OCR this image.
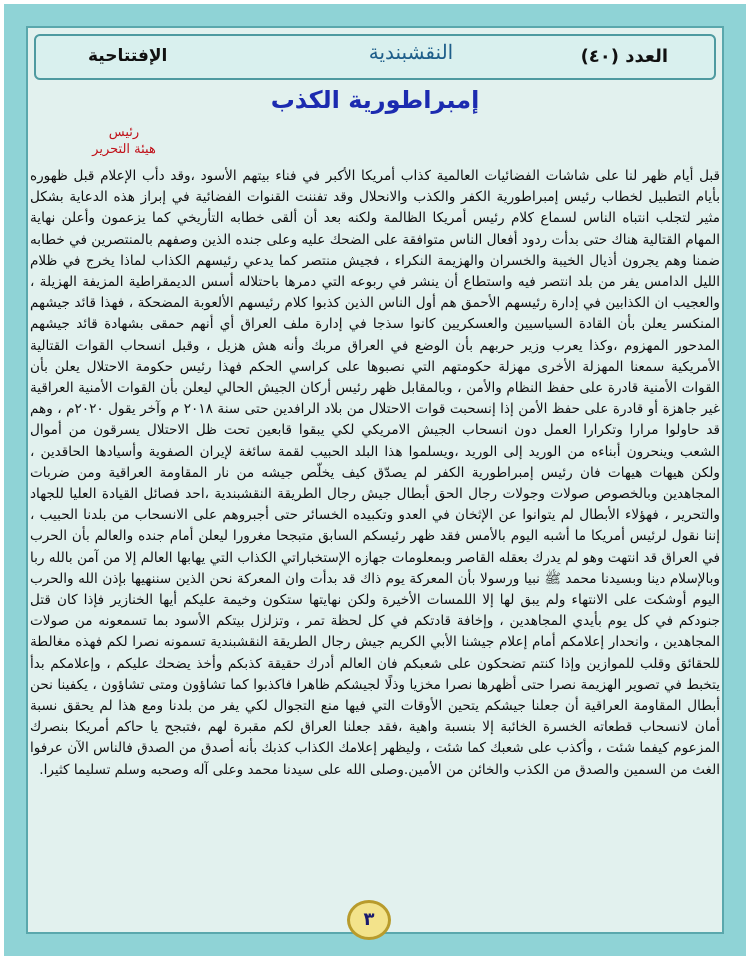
العدد (٤٠)
النقشبندية
الإفتتاحية
إمبراطورية الكذب
رئيس
هيئة التحرير
قبل أيام ظهر لنا على شاشات الفضائيات العالمية كذاب أمريكا الأكبر في فناء بيتهم الأسود ،وقد دأب الإعلام قبل ظهوره بأيام التطبيل لخطاب رئيس إمبراطورية الكفر والكذب والانحلال وقد تفننت القنوات الفضائية في إبراز هذه الدعاية بشكل مثير لتجلب انتباه الناس لسماع كلام رئيس أمريكا الظالمة ولكنه بعد أن ألقى خطابه التأريخي كما يزعمون وأعلن نهاية المهام القتالية هناك حتى بدأت ردود أفعال الناس متوافقة على الضحك عليه وعلى جنده الذين وصفهم بالمنتصرين في خطابه ضمنا وهم يجرون أذيال الخيبة والخسران والهزيمة النكراء ، فجيش منتصر كما يدعي رئيسهم الكذاب لماذا يخرج في ظلام الليل الدامس يفر من بلد انتصر فيه واستطاع أن ينشر في ربوعه التي دمرها باحتلاله أسس الديمقراطية المزيفة الهزيلة ، والعجيب ان الكذابين في إدارة رئيسهم الأحمق هم أول الناس الذين كذبوا كلام رئيسهم الألعوبة المضحكة ، فهذا قائد جيشهم المنكسر يعلن بأن القادة السياسيين والعسكريين كانوا سذجا في إدارة ملف العراق أي أنهم حمقى بشهادة قائد جيشهم المدحور المهزوم ،وكذا يعرب وزير حربهم بأن الوضع في العراق مربك وأنه هش هزيل ، وقبل انسحاب القوات القتالية الأمريكية سمعنا المهزلة الأخرى مهزلة حكومتهم التي نصبوها على كراسي الحكم فهذا رئيس حكومة الاحتلال يعلن بأن القوات الأمنية قادرة على حفظ النظام والأمن ، وبالمقابل ظهر رئيس أركان الجيش الحالي ليعلن بأن القوات الأمنية العراقية غير جاهزة أو قادرة على حفظ الأمن إذا إنسحبت قوات الاحتلال من بلاد الرافدين حتى سنة ٢٠١٨ م وآخر يقول ٢٠٢٠م ، وهم قد حاولوا مرارا وتكرارا العمل دون انسحاب الجيش الامريكي لكي يبقوا قابعين تحت ظل الاحتلال يسرقون من أموال الشعب وينحرون أبناءه من الوريد إلى الوريد ،ويسلموا هذا البلد الحبيب لقمة سائغة لإيران الصفوية وأسيادها الحاقدين ، ولكن هيهات هيهات فان رئيس إمبراطورية الكفر لم يصدّق كيف يخلّص جيشه من نار المقاومة العراقية ومن ضربات المجاهدين وبالخصوص صولات وجولات رجال الحق أبطال جيش رجال الطريقة النقشبندية ،احد فصائل القيادة العليا للجهاد والتحرير ، فهؤلاء الأبطال لم يتوانوا عن الإثخان في العدو وتكبيده الخسائر حتى أجبروهم على الانسحاب من بلدنا الحبيب ، إننا نقول لرئيس أمريكا ما أشبه اليوم بالأمس فقد ظهر رئيسكم السابق متبجحا مغرورا ليعلن أمام جنده والعالم بأن الحرب في العراق قد انتهت وهو لم يدرك بعقله القاصر وبمعلومات جهازه الإستخباراتي الكذاب التي يهابها العالم إلا من آمن بالله ربا وبالإسلام دينا وبسيدنا محمد ﷺ نبيا ورسولا بأن المعركة يوم ذاك قد بدأت وان المعركة نحن الذين سننهيها بإذن الله والحرب اليوم أوشكت على الانتهاء ولم يبق لها إلا اللمسات الأخيرة ولكن نهايتها ستكون وخيمة عليكم أيها الخنازير فإذا كان قتل جنودكم في كل يوم بأيدي المجاهدين ، وإخافة قادتكم في كل لحظة تمر ، وتزلزل بيتكم الأسود بما تسمعونه من صولات المجاهدين ، وانحدار إعلامكم أمام إعلام جيشنا الأبي الكريم جيش رجال الطريقة النقشبندية تسمونه نصرا لكم فهذه مغالطة للحقائق وقلب للموازين وإذا كنتم تضحكون على شعبكم فان العالم أدرك حقيقة كذبكم وأخذ يضحك عليكم ، وإعلامكم بدأ يتخبط في تصوير الهزيمة نصرا حتى أظهرها نصرا مخزيا وذلًا لجيشكم ظاهرا فاكذبوا كما تشاؤون ومتى تشاؤون ، يكفينا نحن أبطال المقاومة العراقية أن جعلنا جيشكم يتحين الأوقات التي فيها منع التجوال لكي يفر من بلدنا ومع هذا لم يحقق نسبة أمان لانسحاب قطعاته الخسرة الخائبة إلا بنسبة واهية ،فقد جعلنا العراق لكم مقبرة لهم ،فتبجح يا حاكم أمريكا بنصرك المزعوم كيفما شئت ، وأكذب على شعبك كما شئت ، وليظهر إعلامك الكذاب كذبك بأنه أصدق من الصدق فالناس الآن عرفوا الغث من السمين والصدق من الكذب والخائن من الأمين.وصلى الله على سيدنا محمد وعلى آله وصحبه وسلم تسليما كثيرا.
٣
